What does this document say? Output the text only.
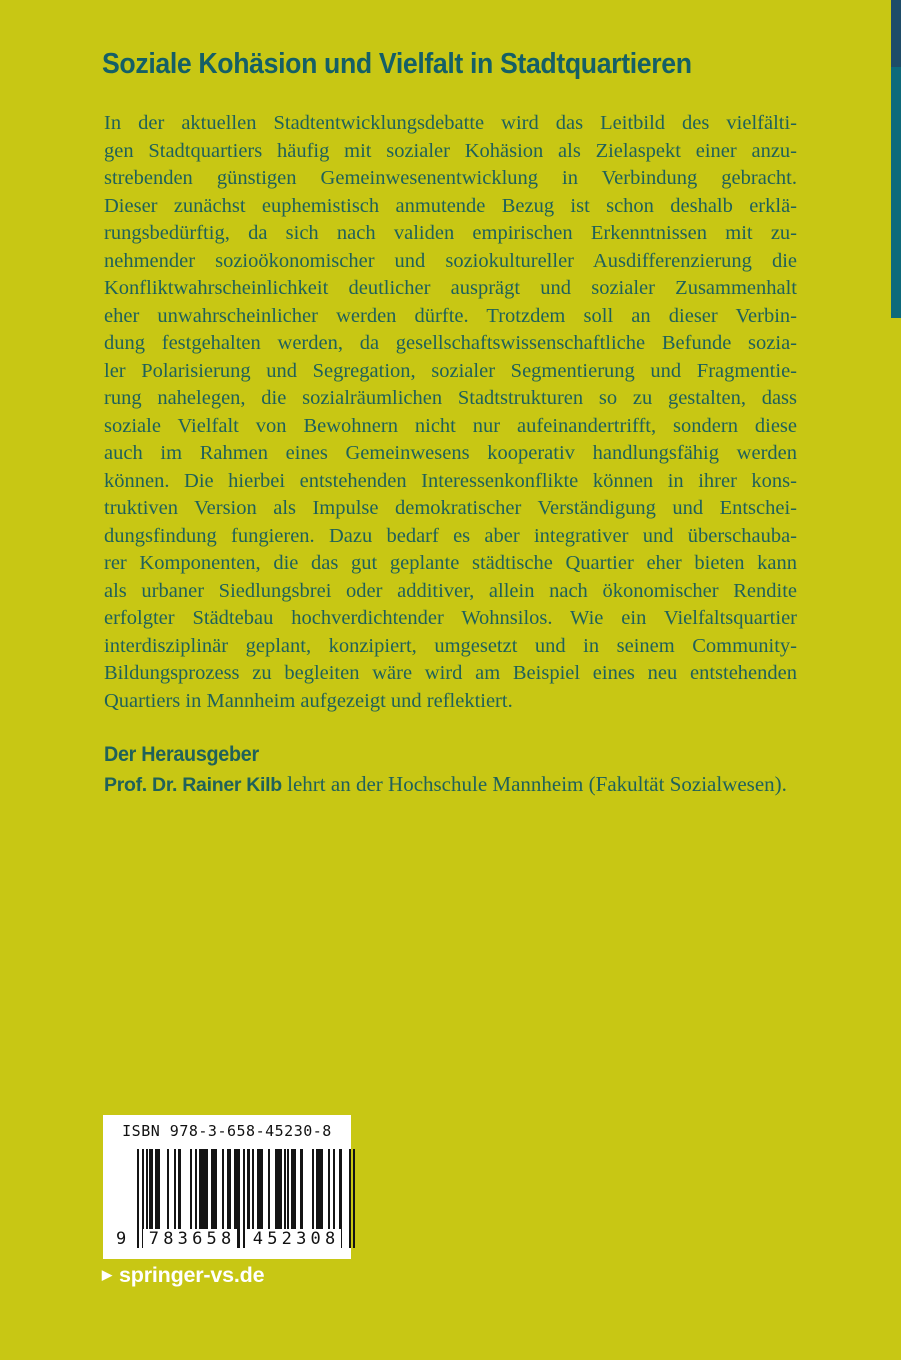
Soziale Kohäsion und Vielfalt in Stadtquartieren
In der aktuellen Stadtentwicklungsdebatte wird das Leitbild des vielfälti-
gen Stadtquartiers häufig mit sozialer Kohäsion als Zielaspekt einer anzu-
strebenden günstigen Gemeinwesenentwicklung in Verbindung gebracht.
Dieser zunächst euphemistisch anmutende Bezug ist schon deshalb erklä-
rungsbedürftig, da sich nach validen empirischen Erkenntnissen mit zu-
nehmender sozioökonomischer und soziokultureller Ausdifferenzierung die
Konfliktwahrscheinlichkeit deutlicher ausprägt und sozialer Zusammenhalt
eher unwahrscheinlicher werden dürfte. Trotzdem soll an dieser Verbin-
dung festgehalten werden, da gesellschaftswissenschaftliche Befunde sozia-
ler Polarisierung und Segregation, sozialer Segmentierung und Fragmentie-
rung nahelegen, die sozialräumlichen Stadtstrukturen so zu gestalten, dass
soziale Vielfalt von Bewohnern nicht nur aufeinandertrifft, sondern diese
auch im Rahmen eines Gemeinwesens kooperativ handlungsfähig werden
können. Die hierbei entstehenden Interessenkonflikte können in ihrer kons-
truktiven Version als Impulse demokratischer Verständigung und Entschei-
dungsfindung fungieren. Dazu bedarf es aber integrativer und überschauba-
rer Komponenten, die das gut geplante städtische Quartier eher bieten kann
als urbaner Siedlungsbrei oder additiver, allein nach ökonomischer Rendite
erfolgter Städtebau hochverdichtender Wohnsilos. Wie ein Vielfaltsquartier
interdisziplinär geplant, konzipiert, umgesetzt und in seinem Community-
Bildungsprozess zu begleiten wäre wird am Beispiel eines neu entstehenden
Quartiers in Mannheim aufgezeigt und reflektiert.
Der Herausgeber
Prof. Dr. Rainer Kilb lehrt an der Hochschule Mannheim (Fakultät Sozialwesen).
ISBN 978-3-658-45230-8
9	783658	452308
▶ springer-vs.de
